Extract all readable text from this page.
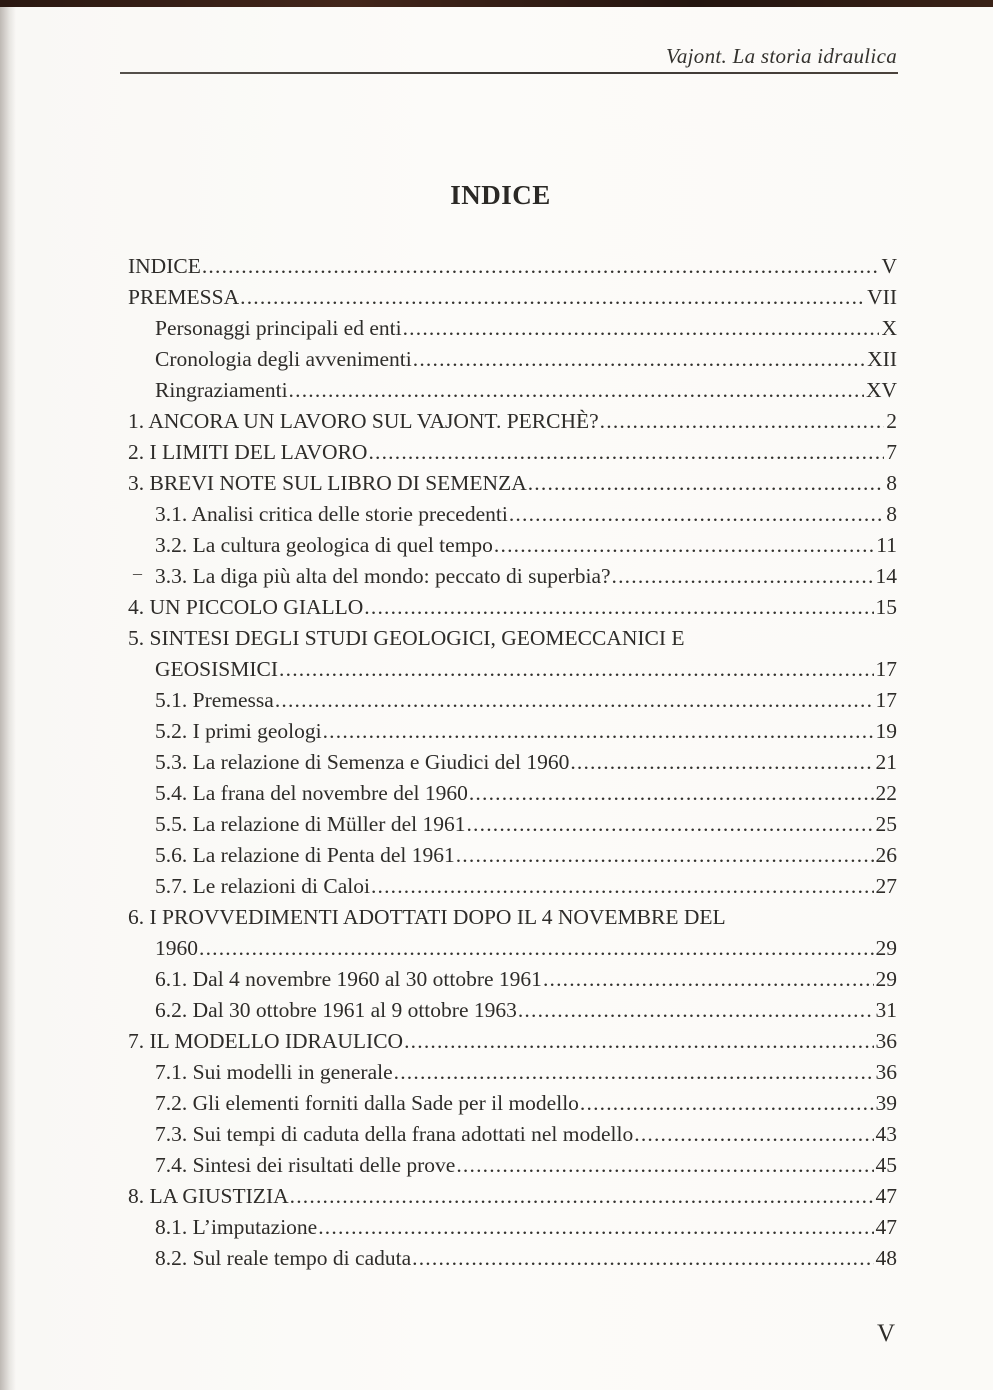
Vajont. La storia idraulica
INDICE
INDICE .....	V
PREMESSA .....	VII
Personaggi principali ed enti .....	X
Cronologia degli avvenimenti .....	XII
Ringraziamenti .....	XV
1. ANCORA UN LAVORO SUL VAJONT. PERCHÈ? .....	2
2. I LIMITI DEL LAVORO .....	7
3. BREVI NOTE SUL LIBRO DI SEMENZA .....	8
3.1. Analisi critica delle storie precedenti .....	8
3.2. La cultura geologica di quel tempo .....	11
– 3.3. La diga più alta del mondo: peccato di superbia? .....	14
4. UN PICCOLO GIALLO .....	15
5. SINTESI DEGLI STUDI GEOLOGICI, GEOMECCANICI E
GEOSISMICI .....	17
5.1. Premessa .....	17
5.2. I primi geologi .....	19
5.3. La relazione di Semenza e Giudici del 1960 .....	21
5.4. La frana del novembre del 1960 .....	22
5.5. La relazione di Müller del 1961 .....	25
5.6. La relazione di Penta del 1961 .....	26
5.7. Le relazioni di Caloi .....	27
6. I PROVVEDIMENTI ADOTTATI DOPO IL 4 NOVEMBRE DEL
1960 .....	29
6.1. Dal 4 novembre 1960 al 30 ottobre 1961 .....	29
6.2. Dal 30 ottobre 1961 al 9 ottobre 1963 .....	31
7. IL MODELLO IDRAULICO .....	36
7.1. Sui modelli in generale .....	36
7.2. Gli elementi forniti dalla Sade per il modello .....	39
7.3. Sui tempi di caduta della frana adottati nel modello .....	43
7.4. Sintesi dei risultati delle prove .....	45
8. LA GIUSTIZIA .....	47
8.1. L’imputazione .....	47
8.2. Sul reale tempo di caduta .....	48
V
